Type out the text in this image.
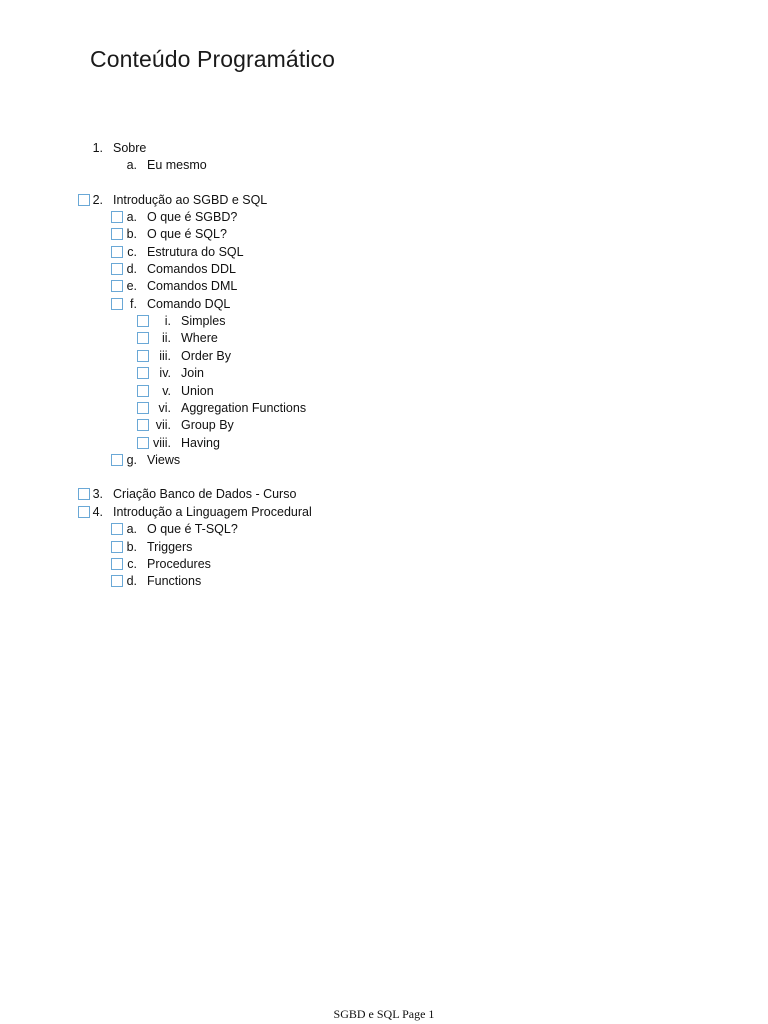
Conteúdo Programático
1. Sobre
a. Eu mesmo
2. Introdução ao SGBD e SQL
a. O que é SGBD?
b. O que é SQL?
c. Estrutura do SQL
d. Comandos DDL
e. Comandos DML
f. Comando DQL
i. Simples
ii. Where
iii. Order By
iv. Join
v. Union
vi. Aggregation Functions
vii. Group By
viii. Having
g. Views
3. Criação Banco de Dados - Curso
4. Introdução a Linguagem Procedural
a. O que é T-SQL?
b. Triggers
c. Procedures
d. Functions
SGBD e SQL Page 1
